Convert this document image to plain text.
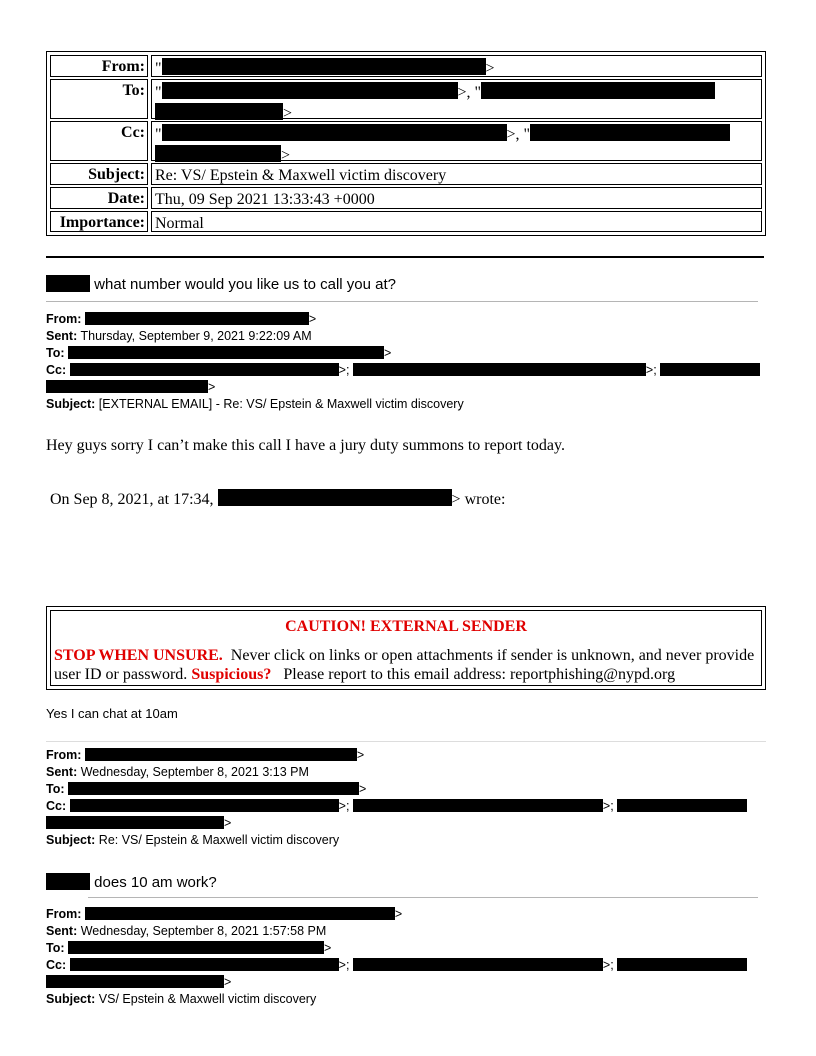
From: "	>
To: "	>, "
>
Cc: "	>, "
>
Subject: Re: VS/ Epstein & Maxwell victim discovery
Date: Thu, 09 Sep 2021 13:33:43 +0000
Importance: Normal
what number would you like us to call you at?
From:	>
Sent: Thursday, September 9, 2021 9:22:09 AM
To:	>
Cc:	>;	>;
>
Subject: [EXTERNAL EMAIL] - Re: VS/ Epstein & Maxwell victim discovery
Hey guys sorry I can’t make this call I have a jury duty summons to report today.
On Sep 8, 2021, at 17:34,	> wrote:
CAUTION! EXTERNAL SENDER
STOP WHEN UNSURE. Never click on links or open attachments if sender is unknown, and never provide
user ID or password. Suspicious? Please report to this email address: reportphishing@nypd.org
Yes I can chat at 10am
From:	>
Sent: Wednesday, September 8, 2021 3:13 PM
To:	>
Cc:	>;	>;
>
Subject: Re: VS/ Epstein & Maxwell victim discovery
does 10 am work?
From:	>
Sent: Wednesday, September 8, 2021 1:57:58 PM
To:	>
Cc:	>;	>;
>
Subject: VS/ Epstein & Maxwell victim discovery
